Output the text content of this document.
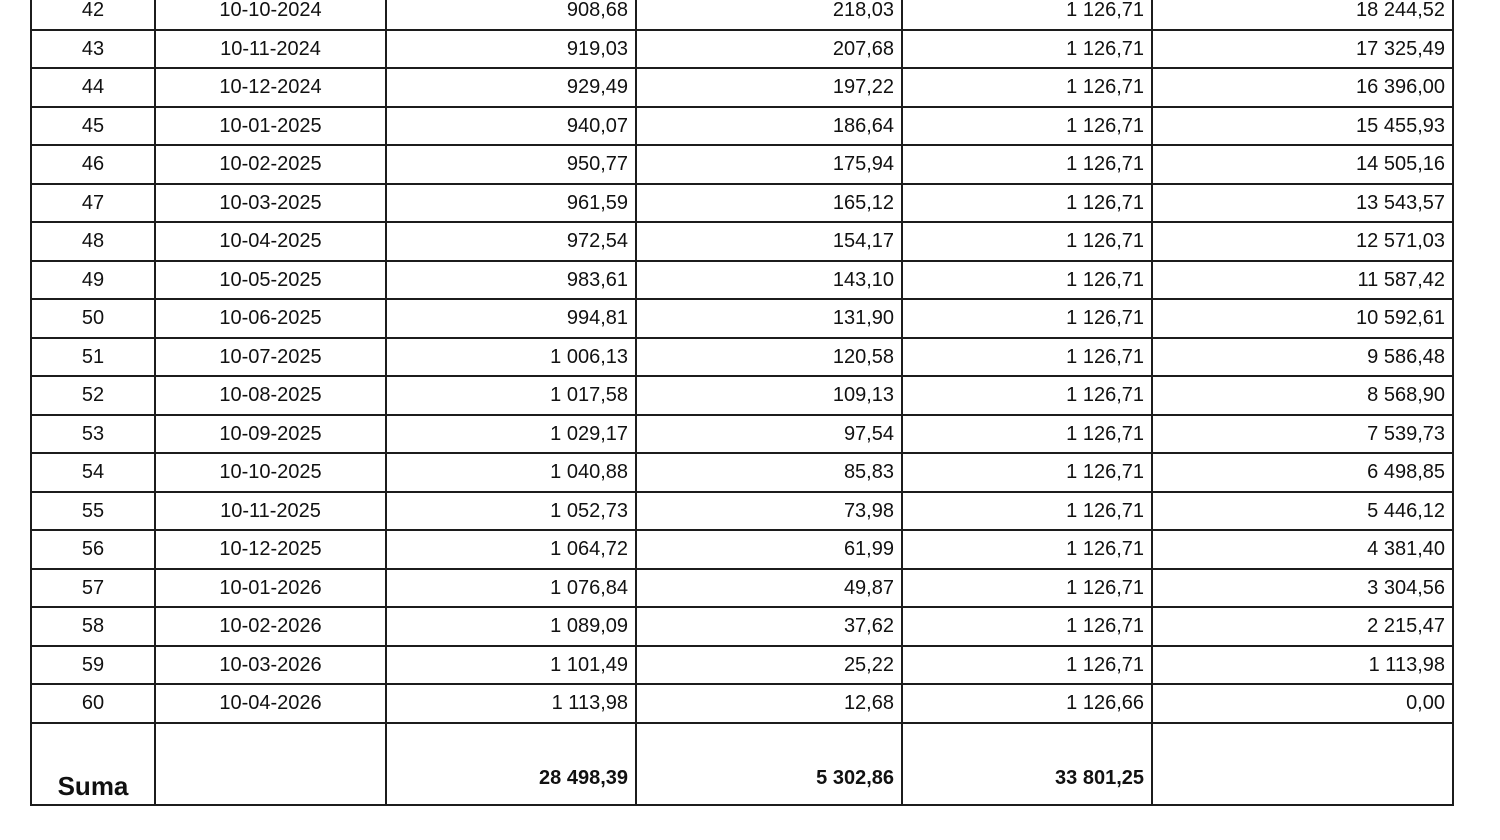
42	10-10-2024	908,68	218,03	1 126,71	18 244,52
43	10-11-2024	919,03	207,68	1 126,71	17 325,49
44	10-12-2024	929,49	197,22	1 126,71	16 396,00
45	10-01-2025	940,07	186,64	1 126,71	15 455,93
46	10-02-2025	950,77	175,94	1 126,71	14 505,16
47	10-03-2025	961,59	165,12	1 126,71	13 543,57
48	10-04-2025	972,54	154,17	1 126,71	12 571,03
49	10-05-2025	983,61	143,10	1 126,71	11 587,42
50	10-06-2025	994,81	131,90	1 126,71	10 592,61
51	10-07-2025	1 006,13	120,58	1 126,71	9 586,48
52	10-08-2025	1 017,58	109,13	1 126,71	8 568,90
53	10-09-2025	1 029,17	97,54	1 126,71	7 539,73
54	10-10-2025	1 040,88	85,83	1 126,71	6 498,85
55	10-11-2025	1 052,73	73,98	1 126,71	5 446,12
56	10-12-2025	1 064,72	61,99	1 126,71	4 381,40
57	10-01-2026	1 076,84	49,87	1 126,71	3 304,56
58	10-02-2026	1 089,09	37,62	1 126,71	2 215,47
59	10-03-2026	1 101,49	25,22	1 126,71	1 113,98
60	10-04-2026	1 113,98	12,68	1 126,66	0,00
Suma		28 498,39	5 302,86	33 801,25	
